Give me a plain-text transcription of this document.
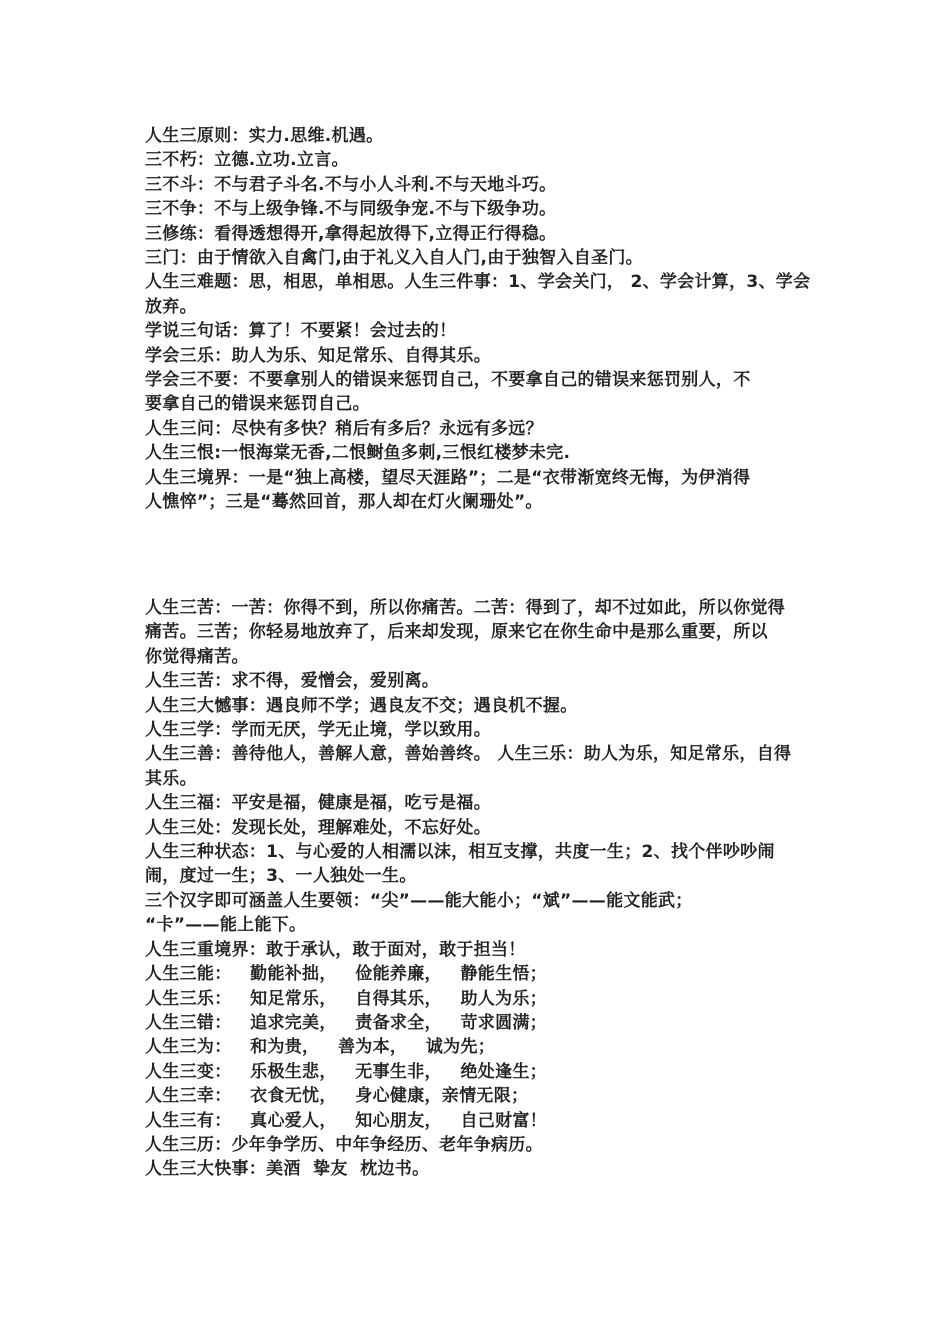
人生三原则：实力.思维.机遇。
三不朽：立德.立功.立言。
三不斗：不与君子斗名.不与小人斗利.不与天地斗巧。
三不争：不与上级争锋.不与同级争宠.不与下级争功。
三修练：看得透想得开,拿得起放得下,立得正行得稳。
三门：由于情欲入自禽门,由于礼义入自人门,由于独智入自圣门。
人生三难题：思，相思，单相思。人生三件事：1、学会关门， 2、学会计算，3、学会
放弃。
学说三句话：算了！不要紧！会过去的！
学会三乐：助人为乐、知足常乐、自得其乐。
学会三不要：不要拿别人的错误来惩罚自己，不要拿自己的错误来惩罚别人，不
要拿自己的错误来惩罚自己。
人生三问：尽快有多快？稍后有多后？永远有多远？
人生三恨:一恨海棠无香,二恨鲥鱼多刺,三恨红楼梦未完.
人生三境界：一是“独上高楼，望尽天涯路”；二是“衣带渐宽终无悔，为伊消得
人憔悴”；三是“蓦然回首，那人却在灯火阑珊处”。
人生三苦：一苦：你得不到，所以你痛苦。二苦：得到了，却不过如此，所以你觉得
痛苦。三苦；你轻易地放弃了，后来却发现，原来它在你生命中是那么重要，所以
你觉得痛苦。
人生三苦：求不得，爱憎会，爱别离。
人生三大憾事：遇良师不学；遇良友不交；遇良机不握。
人生三学：学而无厌，学无止境，学以致用。
人生三善：善待他人，善解人意，善始善终。 人生三乐：助人为乐，知足常乐，自得
其乐。
人生三福：平安是福，健康是福，吃亏是福。
人生三处：发现长处，理解难处，不忘好处。
人生三种状态：1、与心爱的人相濡以沫，相互支撑，共度一生；2、找个伴吵吵闹
闹，度过一生；3、一人独处一生。
三个汉字即可涵盖人生要领：“尖”——能大能小；“斌”——能文能武；
“卡”——能上能下。
人生三重境界：敢于承认，敢于面对，敢于担当！
人生三能：   勤能补拙，   俭能养廉，   静能生悟；
人生三乐：   知足常乐，   自得其乐，   助人为乐；
人生三错：   追求完美，   责备求全，   苛求圆满；
人生三为：   和为贵，   善为本，   诚为先；
人生三变：   乐极生悲，   无事生非，   绝处逢生；
人生三幸：   衣食无忧，   身心健康，亲情无限；
人生三有：   真心爱人，   知心朋友，   自己财富！
人生三历：少年争学历、中年争经历、老年争病历。
人生三大快事：美酒  挚友  枕边书。
